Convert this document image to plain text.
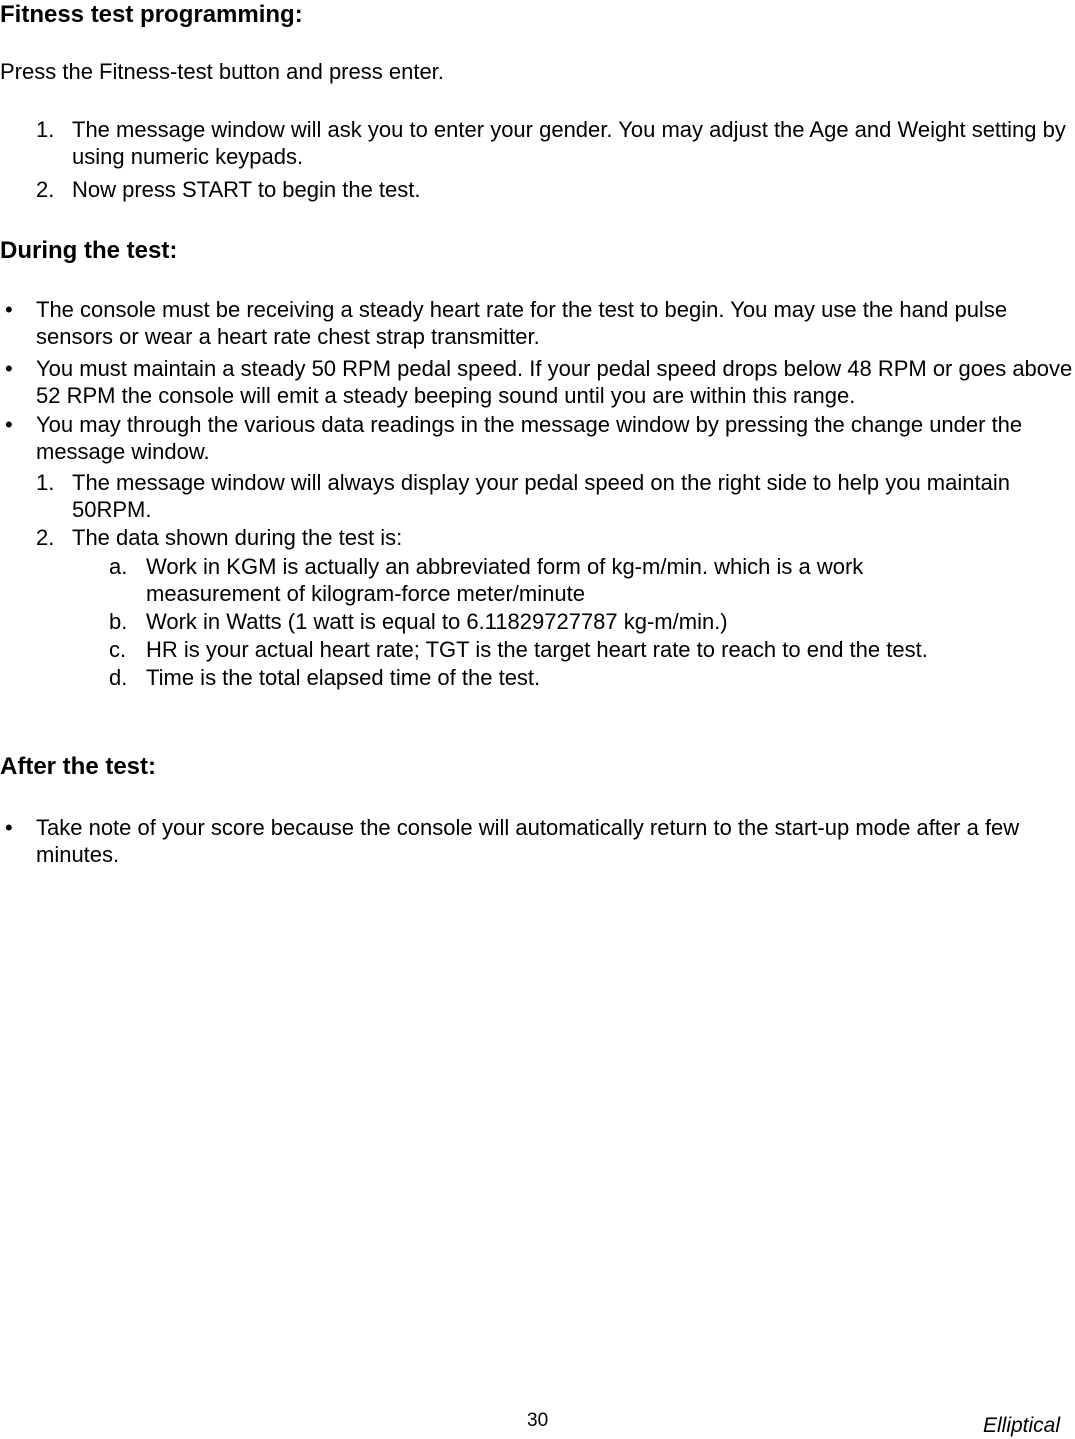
Fitness test programming:
Press the Fitness-test button and press enter.
1. The message window will ask you to enter your gender. You may adjust the Age and Weight setting by using numeric keypads.
2. Now press START to begin the test.
During the test:
• The console must be receiving a steady heart rate for the test to begin. You may use the hand pulse sensors or wear a heart rate chest strap transmitter.
• You must maintain a steady 50 RPM pedal speed. If your pedal speed drops below 48 RPM or goes above 52 RPM the console will emit a steady beeping sound until you are within this range.
• You may through the various data readings in the message window by pressing the change under the message window.
1. The message window will always display your pedal speed on the right side to help you maintain 50RPM.
2. The data shown during the test is:
a. Work in KGM is actually an abbreviated form of kg-m/min. which is a work measurement of kilogram-force meter/minute
b. Work in Watts (1 watt is equal to 6.11829727787 kg-m/min.)
c. HR is your actual heart rate; TGT is the target heart rate to reach to end the test.
d. Time is the total elapsed time of the test.
After the test:
• Take note of your score because the console will automatically return to the start-up mode after a few minutes.
30	Elliptical
